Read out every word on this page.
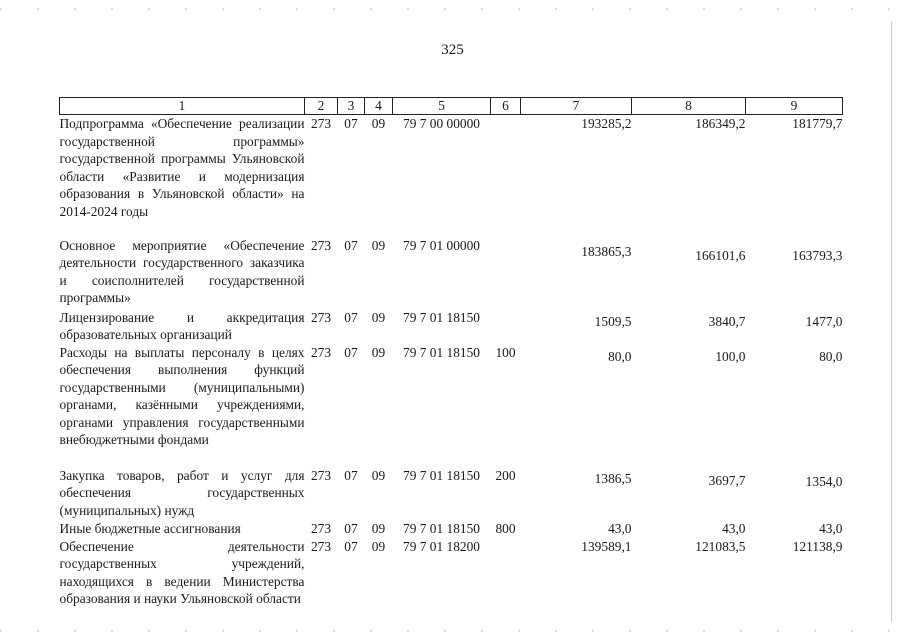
325
1	2	3	4	5	6	7	8	9
Подпрограмма «Обеспечение реализации государственной программы» государственной программы Ульяновской области «Развитие и модернизация образования в Ульяновской области» на 2014-2024 годы	273	07	09	79 7 00 00000		193285,2	186349,2	181779,7
Основное мероприятие «Обеспечение деятельности государственного заказчика и соисполнителей государственной программы»	273	07	09	79 7 01 00000		183865,3	166101,6	163793,3
Лицензирование и аккредитация образовательных организаций	273	07	09	79 7 01 18150		1509,5	3840,7	1477,0
Расходы на выплаты персоналу в целях обеспечения выполнения функций государственными (муниципальными) органами, казёнными учреждениями, органами управления государственными внебюджетными фондами	273	07	09	79 7 01 18150	100	80,0	100,0	80,0
Закупка товаров, работ и услуг для обеспечения государственных (муниципальных) нужд	273	07	09	79 7 01 18150	200	1386,5	3697,7	1354,0
Иные бюджетные ассигнования	273	07	09	79 7 01 18150	800	43,0	43,0	43,0
Обеспечение деятельности государственных учреждений, находящихся в ведении Министерства образования и науки Ульяновской области	273	07	09	79 7 01 18200		139589,1	121083,5	121138,9
